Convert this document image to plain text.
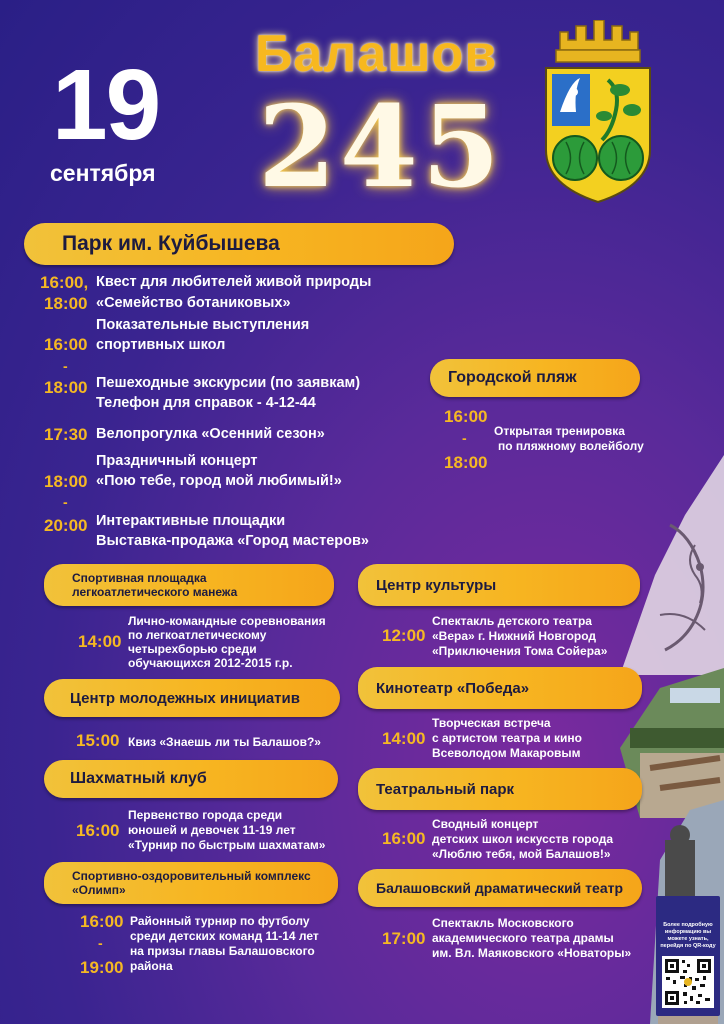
19
сентября
Балашов
245
Парк им. Куйбышева
16:00, Квест для любителей живой природы
18:00 «Семейство ботаниковых»
Показательные выступления
16:00 спортивных школ
-
18:00 Пешеходные экскурсии (по заявкам)
Телефон для справок - 4-12-44
17:30 Велопрогулка «Осенний сезон»
Праздничный концерт
18:00 «Пою тебе, город мой любимый!»
-
20:00 Интерактивные площадки
Выставка-продажа «Город мастеров»
Городской пляж
16:00
-
18:00
Открытая тренировка
по пляжному волейболу
Спортивная площадка
легкоатлетического манежа
14:00
Лично-командные соревнования
по легкоатлетическому
четырехборью среди
обучающихся 2012-2015 г.р.
Центр молодежных инициатив
15:00 Квиз «Знаешь ли ты Балашов?»
Шахматный клуб
16:00
Первенство города среди
юношей и девочек 11-19 лет
«Турнир по быстрым шахматам»
Спортивно-оздоровительный комплекс
«Олимп»
16:00
-
19:00
Районный турнир по футболу
среди детских команд 11-14 лет
на призы главы Балашовского
района
Центр культуры
12:00
Спектакль детского театра
«Вера» г. Нижний Новгород
«Приключения Тома Сойера»
Кинотеатр «Победа»
14:00
Творческая встреча
с артистом театра и кино
Всеволодом Макаровым
Театральный парк
16:00
Сводный концерт
детских школ искусств города
«Люблю тебя, мой Балашов!»
Балашовский драматический театр
17:00
Спектакль Московского
академического театра драмы
им. Вл. Маяковского «Новаторы»
Более подробную информацию вы можете узнать, перейдя по QR-коду
